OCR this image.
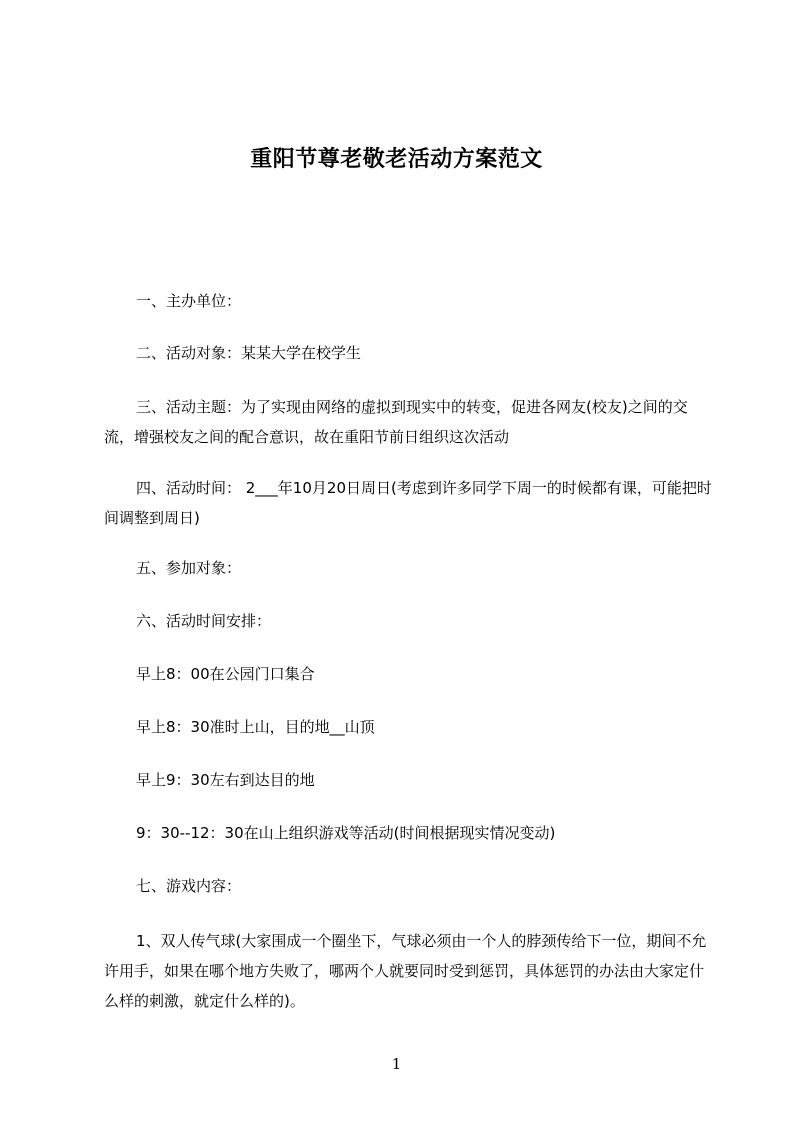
重阳节尊老敬老活动方案范文
一、主办单位：
二、活动对象：某某大学在校学生
三、活动主题：为了实现由网络的虚拟到现实中的转变，促进各网友(校友)之间的交流，增强校友之间的配合意识，故在重阳节前日组织这次活动
四、活动时间： 2___年10月20日周日(考虑到许多同学下周一的时候都有课，可能把时间调整到周日)
五、参加对象：
六、活动时间安排：
早上8：00在公园门口集合
早上8：30准时上山，目的地__山顶
早上9：30左右到达目的地
9：30--12：30在山上组织游戏等活动(时间根据现实情况变动)
七、游戏内容：
1、双人传气球(大家围成一个圈坐下，气球必须由一个人的脖颈传给下一位，期间不允许用手，如果在哪个地方失败了，哪两个人就要同时受到惩罚，具体惩罚的办法由大家定什么样的刺激，就定什么样的)。
1
